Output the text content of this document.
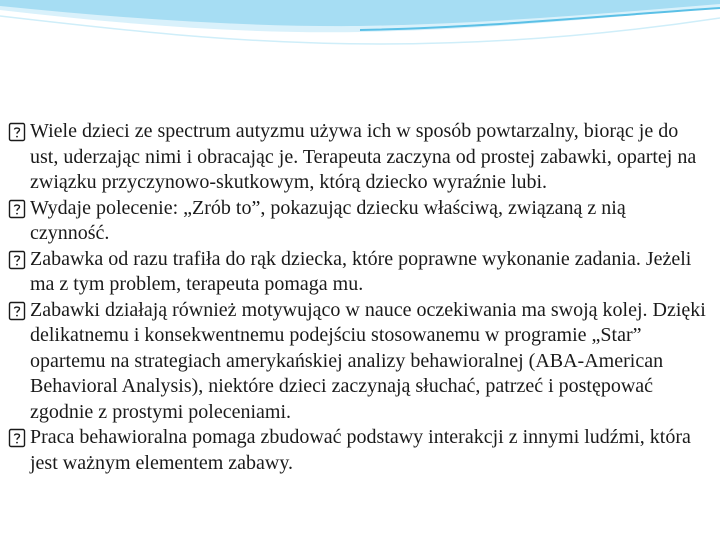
Wiele dzieci ze spectrum autyzmu używa ich w sposób powtarzalny, biorąc je do ust, uderzając nimi i obracając je. Terapeuta zaczyna od prostej zabawki, opartej na związku przyczynowo-skutkowym, którą dziecko wyraźnie lubi.

Wydaje polecenie: „Zrób to”, pokazując dziecku właściwą, związaną z nią czynność.

Zabawka od razu trafiła do rąk dziecka, które poprawne wykonanie zadania. Jeżeli ma z tym problem, terapeuta pomaga mu.

Zabawki działają również motywująco w nauce oczekiwania ma swoją kolej. Dzięki delikatnemu i konsekwentnemu podejściu stosowanemu w programie „Star” opartemu na strategiach amerykańskiej analizy behawioralnej (ABA-American Behavioral Analysis), niektóre dzieci zaczynają słuchać, patrzeć i postępować zgodnie z prostymi poleceniami.

Praca behawioralna pomaga zbudować podstawy interakcji z innymi ludźmi, która jest ważnym elementem zabawy.
